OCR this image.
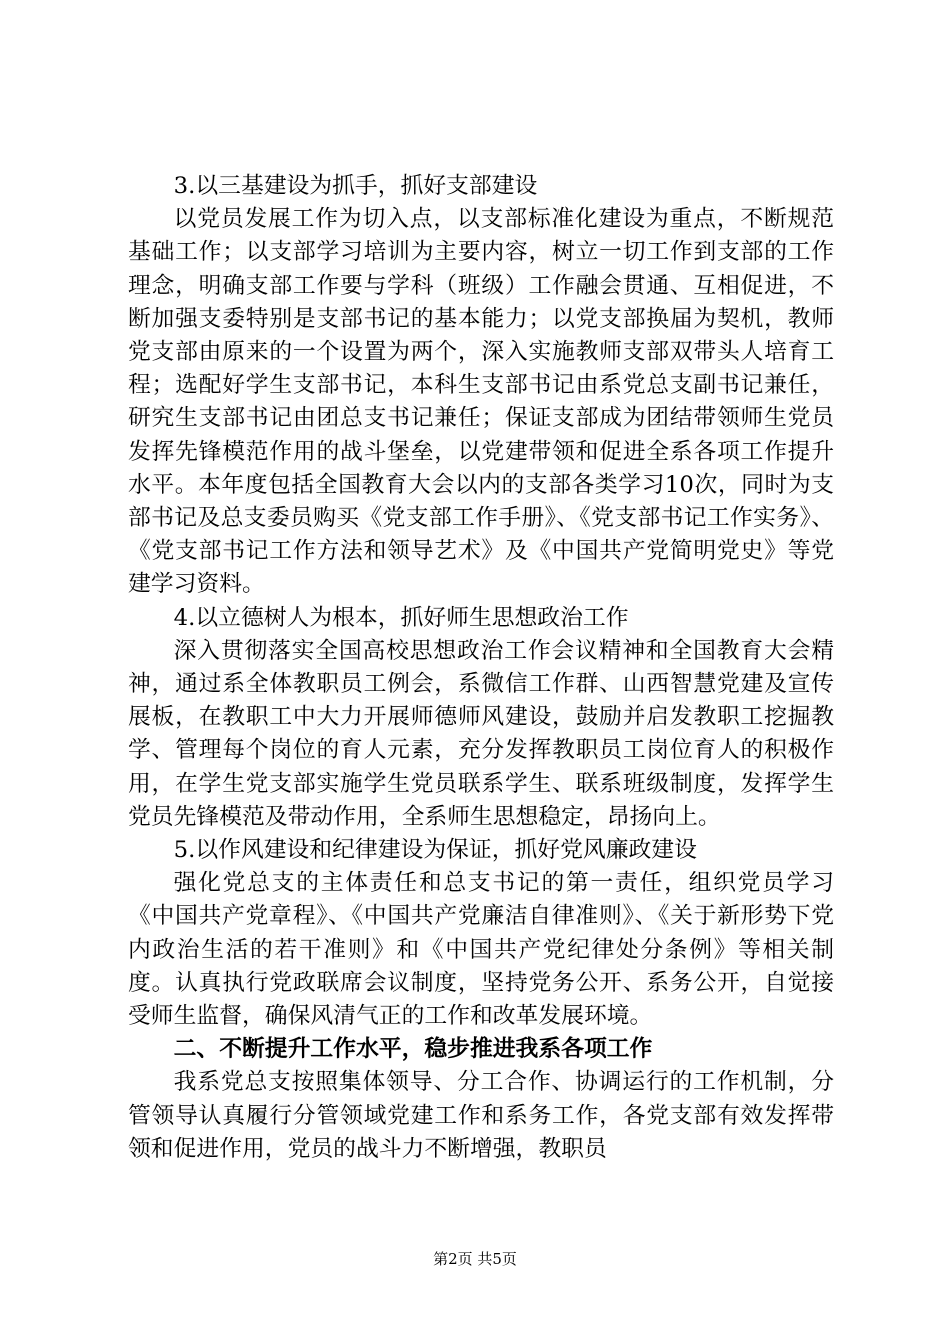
3.以三基建设为抓手，抓好支部建设

以党员发展工作为切入点，以支部标准化建设为重点，不断规范基础工作；以支部学习培训为主要内容，树立一切工作到支部的工作理念，明确支部工作要与学科（班级）工作融会贯通、互相促进，不断加强支委特别是支部书记的基本能力；以党支部换届为契机，教师党支部由原来的一个设置为两个，深入实施教师支部双带头人培育工程；选配好学生支部书记，本科生支部书记由系党总支副书记兼任，研究生支部书记由团总支书记兼任；保证支部成为团结带领师生党员发挥先锋模范作用的战斗堡垒，以党建带领和促进全系各项工作提升水平。本年度包括全国教育大会以内的支部各类学习10次，同时为支部书记及总支委员购买《党支部工作手册》、《党支部书记工作实务》、《党支部书记工作方法和领导艺术》及《中国共产党简明党史》等党建学习资料。

4.以立德树人为根本，抓好师生思想政治工作

深入贯彻落实全国高校思想政治工作会议精神和全国教育大会精神，通过系全体教职员工例会，系微信工作群、山西智慧党建及宣传展板，在教职工中大力开展师德师风建设，鼓励并启发教职工挖掘教学、管理每个岗位的育人元素，充分发挥教职员工岗位育人的积极作用，在学生党支部实施学生党员联系学生、联系班级制度，发挥学生党员先锋模范及带动作用，全系师生思想稳定，昂扬向上。

5.以作风建设和纪律建设为保证，抓好党风廉政建设

强化党总支的主体责任和总支书记的第一责任，组织党员学习《中国共产党章程》、《中国共产党廉洁自律准则》、《关于新形势下党内政治生活的若干准则》和《中国共产党纪律处分条例》等相关制度。认真执行党政联席会议制度，坚持党务公开、系务公开，自觉接受师生监督，确保风清气正的工作和改革发展环境。

二、不断提升工作水平，稳步推进我系各项工作

我系党总支按照集体领导、分工合作、协调运行的工作机制，分管领导认真履行分管领域党建工作和系务工作，各党支部有效发挥带领和促进作用，党员的战斗力不断增强，教职员

第2页 共5页
